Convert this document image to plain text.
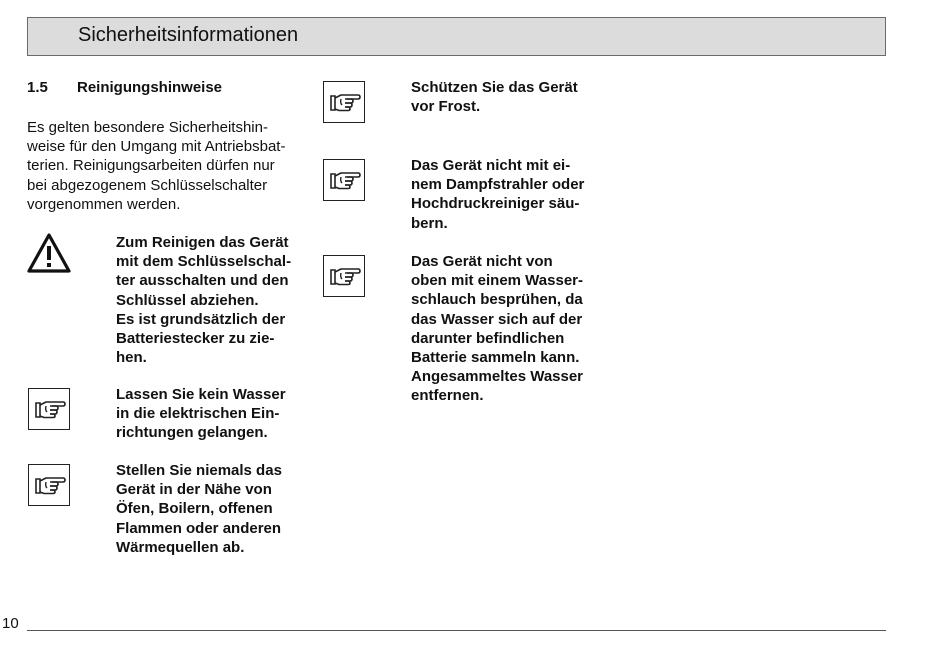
Sicherheitsinformationen
1.5 Reinigungshinweise

Es gelten besondere Sicherheitshin-
weise für den Umgang mit Antriebsbat-
terien. Reinigungsarbeiten dürfen nur
bei abgezogenem Schlüsselschalter
vorgenommen werden.

Zum Reinigen das Gerät
mit dem Schlüsselschal-
ter ausschalten und den
Schlüssel abziehen.
Es ist grundsätzlich der
Batteriestecker zu zie-
hen.

Lassen Sie kein Wasser
in die elektrischen Ein-
richtungen gelangen.

Stellen Sie niemals das
Gerät in der Nähe von
Öfen, Boilern, offenen
Flammen oder anderen
Wärmequellen ab.

Schützen Sie das Gerät
vor Frost.

Das Gerät nicht mit ei-
nem Dampfstrahler oder
Hochdruckreiniger säu-
bern.

Das Gerät nicht von
oben mit einem Wasser-
schlauch besprühen, da
das Wasser sich auf der
darunter befindlichen
Batterie sammeln kann.
Angesammeltes Wasser
entfernen.

10
